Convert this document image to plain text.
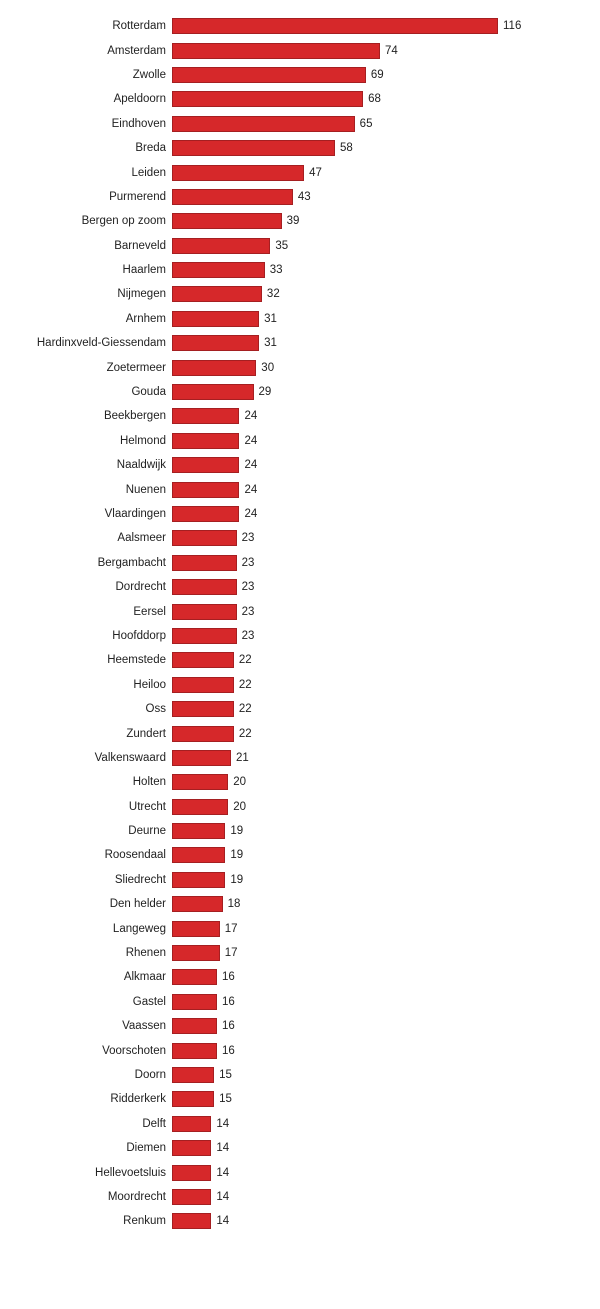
Rotterdam	116
Amsterdam	74
Zwolle	69
Apeldoorn	68
Eindhoven	65
Breda	58
Leiden	47
Purmerend	43
Bergen op zoom	39
Barneveld	35
Haarlem	33
Nijmegen	32
Arnhem	31
Hardinxveld-Giessendam	31
Zoetermeer	30
Gouda	29
Beekbergen	24
Helmond	24
Naaldwijk	24
Nuenen	24
Vlaardingen	24
Aalsmeer	23
Bergambacht	23
Dordrecht	23
Eersel	23
Hoofddorp	23
Heemstede	22
Heiloo	22
Oss	22
Zundert	22
Valkenswaard	21
Holten	20
Utrecht	20
Deurne	19
Roosendaal	19
Sliedrecht	19
Den helder	18
Langeweg	17
Rhenen	17
Alkmaar	16
Gastel	16
Vaassen	16
Voorschoten	16
Doorn	15
Ridderkerk	15
Delft	14
Diemen	14
Hellevoetsluis	14
Moordrecht	14
Renkum	14
